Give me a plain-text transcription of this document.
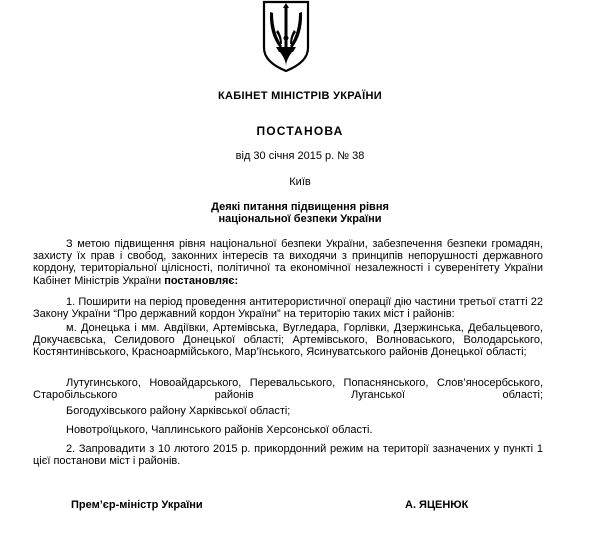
КАБІНЕТ МІНІСТРІВ УКРАЇНИ
ПОСТАНОВА
від 30 січня 2015 р. № 38
Київ
Деякі питання підвищення рівня
національної безпеки України

З метою підвищення рівня національної безпеки України, забезпечення безпеки громадян, захисту їх прав і свобод, законних інтересів та виходячи з принципів непорушності державного кордону, територіальної цілісності, політичної та економічної незалежності і суверенітету України Кабінет Міністрів України постановляє:

1. Поширити на період проведення антитерористичної операції дію частини третьої статті 22 Закону України “Про державний кордон України” на територію таких міст і районів:

м. Донецька і мм. Авдіївки, Артемівська, Вугледара, Горлівки, Дзержинська, Дебальцевого, Докучаєвська, Селидового Донецької області; Артемівського, Волноваського, Володарського, Костянтинівського, Красноармійського, Мар’їнського, Ясинуватського районів Донецької області;

Лутугинського, Новоайдарського, Перевальського, Попаснянського, Слов’яносербського, Старобільського районів Луганської області;

Богодухівського району Харківської області;

Новотроїцького, Чаплинського районів Херсонської області.

2. Запровадити з 10 лютого 2015 р. прикордонний режим на території зазначених у пункті 1 цієї постанови міст і районів.

Прем’єр-міністр України	А. ЯЦЕНЮК
